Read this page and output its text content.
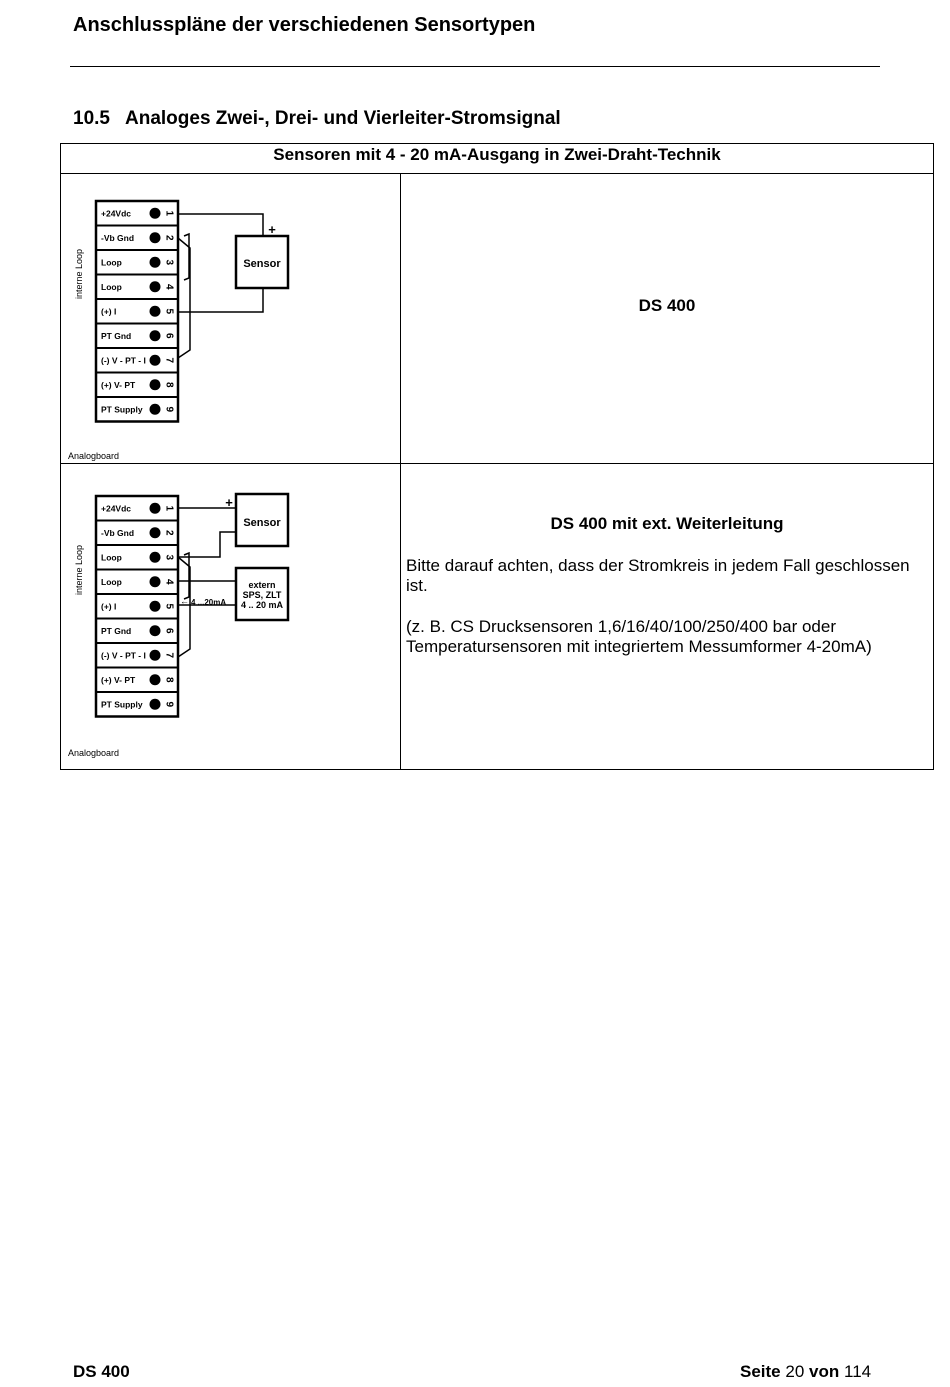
Anschlusspläne der verschiedenen Sensortypen
10.5 Analoges Zwei-, Drei- und Vierleiter-Stromsignal
Sensoren mit 4 - 20 mA-Ausgang in Zwei-Draht-Technik
+24Vdc	1
-Vb Gnd	2
Loop	3
Loop	4
(+) I	5
PT Gnd	6
(-) V - PT - I 7
(+) V- PT	8
PT Supply 9
interne Loop
Analogboard
Sensor
+
+24Vdc	1
-Vb Gnd	2
Loop	3
Loop	4
(+) I	5
PT Gnd	6
(-) V - PT - I 7
(+) V- PT	8
PT Supply 9
interne Loop
Analogboard
Sensor
+
extern
SPS, ZLT
4 .. 20 mA
← 4 ...20mA
DS 400
DS 400 mit ext. Weiterleitung
Bitte darauf achten, dass der Stromkreis in jedem Fall geschlossen ist.
(z. B. CS Drucksensoren 1,6/16/40/100/250/400 bar oder Temperatursensoren mit integriertem Messumformer 4-20mA)
DS 400	Seite 20 von 114
